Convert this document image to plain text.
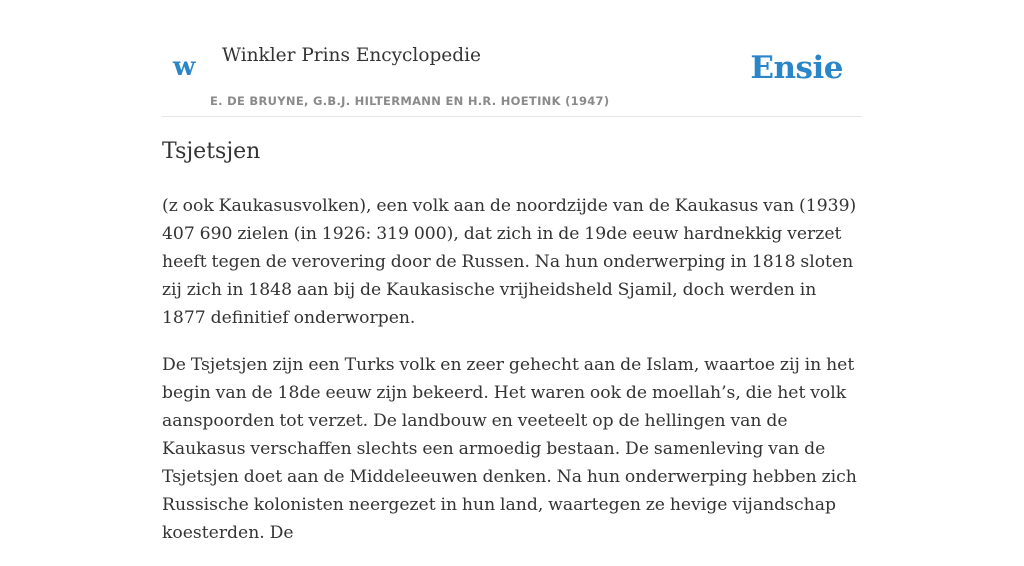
w Winkler Prins Encyclopedie
E. DE BRUYNE, G.B.J. HILTERMANN EN H.R. HOETINK (1947)
Ensie
Tsjetsjen

(z ook Kaukasusvolken), een volk aan de noordzijde van de Kaukasus van (1939) 407 690 zielen (in 1926: 319 000), dat zich in de 19de eeuw hardnekkig verzet heeft tegen de verovering door de Russen. Na hun onderwerping in 1818 sloten zij zich in 1848 aan bij de Kaukasische vrijheidsheld Sjamil, doch werden in 1877 definitief onderworpen.

De Tsjetsjen zijn een Turks volk en zeer gehecht aan de Islam, waartoe zij in het begin van de 18de eeuw zijn bekeerd. Het waren ook de moellah’s, die het volk aanspoorden tot verzet. De landbouw en veeteelt op de hellingen van de Kaukasus verschaffen slechts een armoedig bestaan. De samenleving van de Tsjetsjen doet aan de Middeleeuwen denken. Na hun onderwerping hebben zich Russische kolonisten neergezet in hun land, waartegen ze hevige vijandschap koesterden. De
